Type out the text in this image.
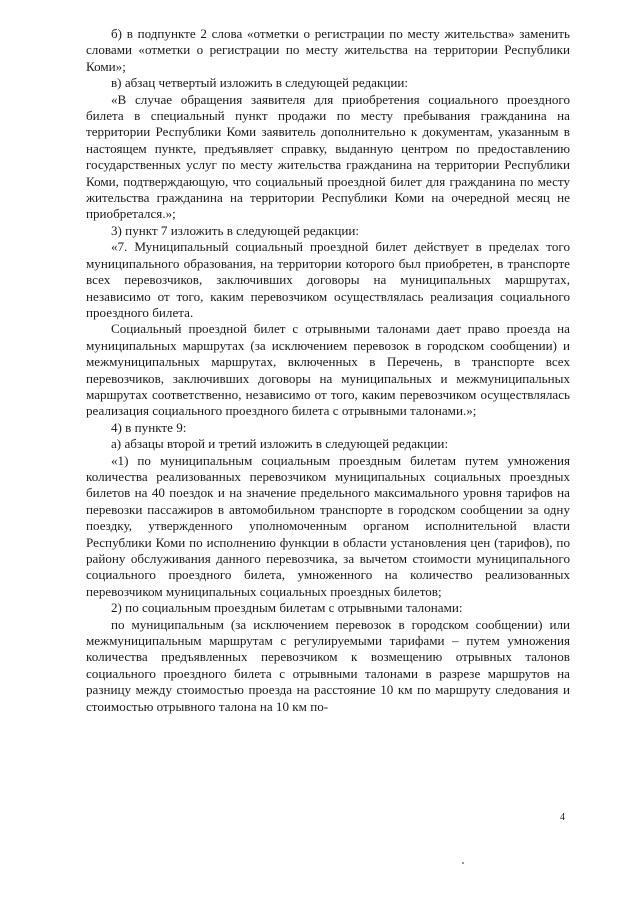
б) в подпункте 2 слова «отметки о регистрации по месту жительства» заменить словами «отметки о регистрации по месту жительства на территории Республики Коми»;

в) абзац четвертый изложить в следующей редакции:

«В случае обращения заявителя для приобретения социального проездного билета в специальный пункт продажи по месту пребывания гражданина на территории Республики Коми заявитель дополнительно к документам, указанным в настоящем пункте, предъявляет справку, выданную центром по предоставлению государственных услуг по месту жительства гражданина на территории Республики Коми, подтверждающую, что социальный проездной билет для гражданина по месту жительства гражданина на территории Республики Коми на очередной месяц не приобретался.»;

3) пункт 7 изложить в следующей редакции:

«7. Муниципальный социальный проездной билет действует в пределах того муниципального образования, на территории которого был приобретен, в транспорте всех перевозчиков, заключивших договоры на муниципальных маршрутах, независимо от того, каким перевозчиком осуществлялась реализация социального проездного билета.

Социальный проездной билет с отрывными талонами дает право проезда на муниципальных маршрутах (за исключением перевозок в городском сообщении) и межмуниципальных маршрутах, включенных в Перечень, в транспорте всех перевозчиков, заключивших договоры на муниципальных и межмуниципальных маршрутах соответственно, независимо от того, каким перевозчиком осуществлялась реализация социального проездного билета с отрывными талонами.»;

4) в пункте 9:

а) абзацы второй и третий изложить в следующей редакции:

«1) по муниципальным социальным проездным билетам путем умножения количества реализованных перевозчиком муниципальных социальных проездных билетов на 40 поездок и на значение предельного максимального уровня тарифов на перевозки пассажиров в автомобильном транспорте в городском сообщении за одну поездку, утвержденного уполномоченным органом исполнительной власти Республики Коми по исполнению функции в области установления цен (тарифов), по району обслуживания данного перевозчика, за вычетом стоимости муниципального социального проездного билета, умноженного на количество реализованных перевозчиком муниципальных социальных проездных билетов;

2) по социальным проездным билетам с отрывными талонами:

по муниципальным (за исключением перевозок в городском сообщении) или межмуниципальным маршрутам с регулируемыми тарифами – путем умножения количества предъявленных перевозчиком к возмещению отрывных талонов социального проездного билета с отрывными талонами в разрезе маршрутов на разницу между стоимостью проезда на расстояние 10 км по маршруту следования и стоимостью отрывного талона на 10 км по-

4
